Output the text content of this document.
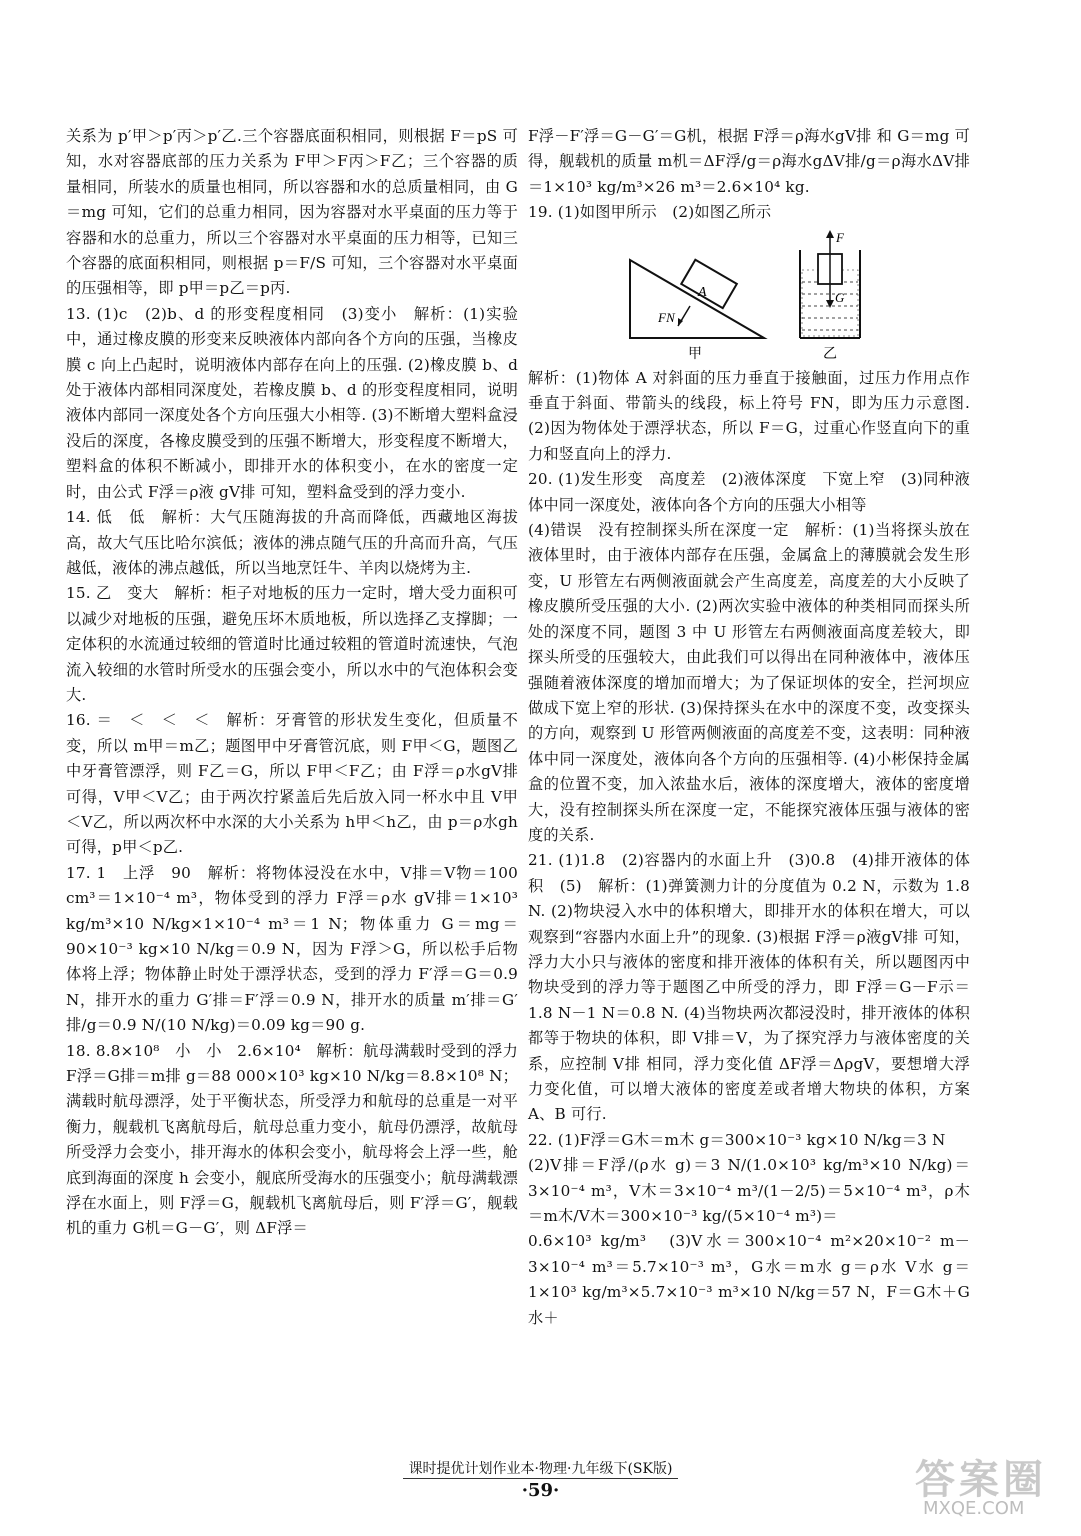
关系为 p′甲＞p′丙＞p′乙.三个容器底面积相同，则根据 F＝pS 可知，水对容器底部的压力关系为 F甲＞F丙＞F乙；三个容器的质量相同，所装水的质量也相同，所以容器和水的总质量相同，由 G＝mg 可知，它们的总重力相同，因为容器对水平桌面的压力等于容器和水的总重力，所以三个容器对水平桌面的压力相等，已知三个容器的底面积相同，则根据 p＝F/S 可知，三个容器对水平桌面的压强相等，即 p甲＝p乙＝p丙.

13. (1)c　(2)b、d 的形变程度相同　(3)变小　解析：(1)实验中，通过橡皮膜的形变来反映液体内部向各个方向的压强，当橡皮膜 c 向上凸起时，说明液体内部存在向上的压强. (2)橡皮膜 b、d 处于液体内部相同深度处，若橡皮膜 b、d 的形变程度相同，说明液体内部同一深度处各个方向压强大小相等. (3)不断增大塑料盒浸没后的深度，各橡皮膜受到的压强不断增大，形变程度不断增大，塑料盒的体积不断减小，即排开水的体积变小，在水的密度一定时，由公式 F浮＝ρ液 gV排 可知，塑料盒受到的浮力变小.

14. 低　低　解析：大气压随海拔的升高而降低，西藏地区海拔高，故大气压比哈尔滨低；液体的沸点随气压的升高而升高，气压越低，液体的沸点越低，所以当地烹饪牛、羊肉以烧烤为主.

15. 乙　变大　解析：柜子对地板的压力一定时，增大受力面积可以减少对地板的压强，避免压坏木质地板，所以选择乙支撑脚；一定体积的水流通过较细的管道时比通过较粗的管道时流速快，气泡流入较细的水管时所受水的压强会变小，所以水中的气泡体积会变大.

16. ＝　＜　＜　＜　解析：牙膏管的形状发生变化，但质量不变，所以 m甲＝m乙；题图甲中牙膏管沉底，则 F甲＜G，题图乙中牙膏管漂浮，则 F乙＝G，所以 F甲＜F乙；由 F浮＝ρ水gV排 可得，V甲＜V乙；由于两次拧紧盖后先后放入同一杯水中且 V甲＜V乙，所以两次杯中水深的大小关系为 h甲＜h乙，由 p＝ρ水gh 可得，p甲＜p乙.

17. 1　上浮　90　解析：将物体浸没在水中，V排＝V物＝100 cm³＝1×10⁻⁴ m³，物体受到的浮力 F浮＝ρ水 gV排＝1×10³ kg/m³×10 N/kg×1×10⁻⁴ m³＝1 N；物体重力 G＝mg＝90×10⁻³ kg×10 N/kg＝0.9 N，因为 F浮＞G，所以松手后物体将上浮；物体静止时处于漂浮状态，受到的浮力 F′浮＝G＝0.9 N，排开水的重力 G′排＝F′浮＝0.9 N，排开水的质量 m′排＝G′排/g＝0.9 N/(10 N/kg)＝0.09 kg＝90 g.

18. 8.8×10⁸　小　小　2.6×10⁴　解析：航母满载时受到的浮力 F浮＝G排＝m排 g＝88 000×10³ kg×10 N/kg＝8.8×10⁸ N；满载时航母漂浮，处于平衡状态，所受浮力和航母的总重是一对平衡力，舰载机飞离航母后，航母总重力变小，航母仍漂浮，故航母所受浮力会变小，排开海水的体积会变小，航母将会上浮一些，舱底到海面的深度 h 会变小，舰底所受海水的压强变小；航母满载漂浮在水面上，则 F浮＝G，舰载机飞离航母后，则 F′浮＝G′，舰载机的重力 G机＝G－G′，则 ΔF浮＝

F浮－F′浮＝G－G′＝G机，根据 F浮＝ρ海水gV排 和 G＝mg 可得，舰载机的质量 m机＝ΔF浮/g＝ρ海水gΔV排/g＝ρ海水ΔV排＝1×10³ kg/m³×26 m³＝2.6×10⁴ kg.

19. (1)如图甲所示　(2)如图乙所示

A
FN
甲
F
G
乙

解析：(1)物体 A 对斜面的压力垂直于接触面，过压力作用点作垂直于斜面、带箭头的线段，标上符号 FN，即为压力示意图. (2)因为物体处于漂浮状态，所以 F＝G，过重心作竖直向下的重力和竖直向上的浮力.

20. (1)发生形变　高度差　(2)液体深度　下宽上窄　(3)同种液体中同一深度处，液体向各个方向的压强大小相等

(4)错误　没有控制探头所在深度一定　解析：(1)当将探头放在液体里时，由于液体内部存在压强，金属盒上的薄膜就会发生形变，U 形管左右两侧液面就会产生高度差，高度差的大小反映了橡皮膜所受压强的大小. (2)两次实验中液体的种类相同而探头所处的深度不同，题图 3 中 U 形管左右两侧液面高度差较大，即探头所受的压强较大，由此我们可以得出在同种液体中，液体压强随着液体深度的增加而增大；为了保证坝体的安全，拦河坝应做成下宽上窄的形状. (3)保持探头在水中的深度不变，改变探头的方向，观察到 U 形管两侧液面的高度差不变，这表明：同种液体中同一深度处，液体向各个方向的压强相等. (4)小彬保持金属盒的位置不变，加入浓盐水后，液体的深度增大，液体的密度增大，没有控制探头所在深度一定，不能探究液体压强与液体的密度的关系.

21. (1)1.8　(2)容器内的水面上升　(3)0.8　(4)排开液体的体积　(5)　解析：(1)弹簧测力计的分度值为 0.2 N，示数为 1.8 N. (2)物块浸入水中的体积增大，即排开水的体积在增大，可以观察到“容器内水面上升”的现象. (3)根据 F浮＝ρ液gV排 可知，浮力大小只与液体的密度和排开液体的体积有关，所以题图丙中物块受到的浮力等于题图乙中所受的浮力，即 F浮＝G－F示＝1.8 N－1 N＝0.8 N. (4)当物块两次都浸没时，排开液体的体积都等于物块的体积，即 V排＝V，为了探究浮力与液体密度的关系，应控制 V排 相同，浮力变化值 ΔF浮＝ΔρgV，要想增大浮力变化值，可以增大液体的密度差或者增大物块的体积，方案 A、B 可行.

22. (1)F浮＝G木＝m木 g＝300×10⁻³ kg×10 N/kg＝3 N

(2)V排＝F浮/(ρ水 g)＝3 N/(1.0×10³ kg/m³×10 N/kg)＝3×10⁻⁴ m³，V木＝3×10⁻⁴ m³/(1－2/5)＝5×10⁻⁴ m³，ρ木＝m木/V木＝300×10⁻³ kg/(5×10⁻⁴ m³)＝

0.6×10³ kg/m³　(3)V水＝300×10⁻⁴ m²×20×10⁻² m－3×10⁻⁴ m³＝5.7×10⁻³ m³，G水＝m水 g＝ρ水 V水 g＝1×10³ kg/m³×5.7×10⁻³ m³×10 N/kg＝57 N，F＝G木＋G水＋

课时提优计划作业本·物理·九年级下(SK版)
·59·	答案圈
MXQE.COM
